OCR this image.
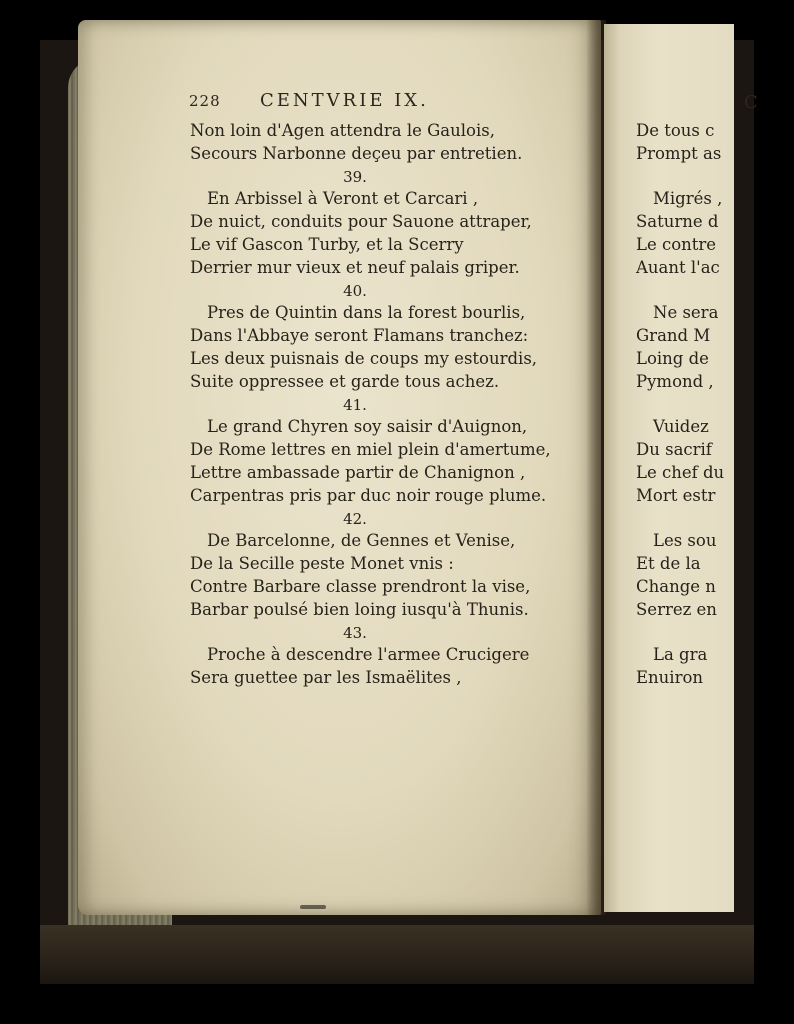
228 CENTVRIE IX.
Non loin d'Agen attendra le Gaulois,
Secours Narbonne deçeu par entretien.
39.
En Arbissel à Veront et Carcari ,
De nuict, conduits pour Sauone attraper,
Le vif Gascon Turby, et la Scerry
Derrier mur vieux et neuf palais griper.
40.
Pres de Quintin dans la forest bourlis,
Dans l'Abbaye seront Flamans tranchez:
Les deux puisnais de coups my estourdis,
Suite oppressee et garde tous achez.
41.
Le grand Chyren soy saisir d'Auignon,
De Rome lettres en miel plein d'amertume,
Lettre ambassade partir de Chanignon ,
Carpentras pris par duc noir rouge plume.
42.
De Barcelonne, de Gennes et Venise,
De la Secille peste Monet vnis :
Contre Barbare classe prendront la vise,
Barbar poulsé bien loing iusqu'à Thunis.
43.
Proche à descendre l'armee Crucigere
Sera guettee par les Ismaëlites ,
C
De tous c
Prompt as
Migrés ,
Saturne d
Le contre
Auant l'ac
Ne sera
Grand M
Loing de
Pymond ,
Vuidez
Du sacrif
Le chef du
Mort estr
Les sou
Et de la
Change n
Serrez en
La gra
Enuiron
